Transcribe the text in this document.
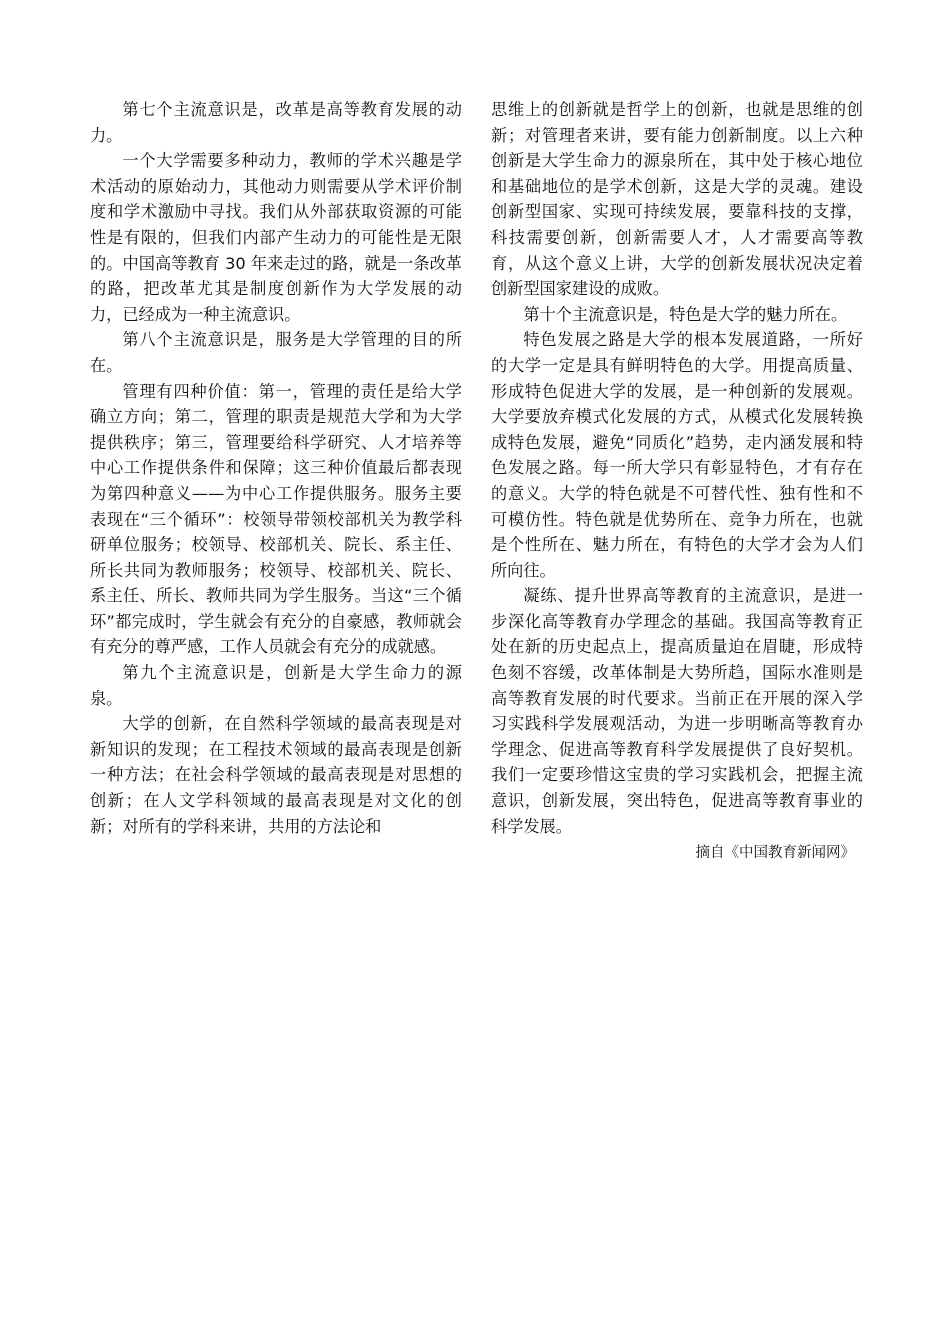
第七个主流意识是，改革是高等教育发展的动力。

一个大学需要多种动力，教师的学术兴趣是学术活动的原始动力，其他动力则需要从学术评价制度和学术激励中寻找。我们从外部获取资源的可能性是有限的，但我们内部产生动力的可能性是无限的。中国高等教育 30 年来走过的路，就是一条改革的路，把改革尤其是制度创新作为大学发展的动力，已经成为一种主流意识。

第八个主流意识是，服务是大学管理的目的所在。

管理有四种价值：第一，管理的责任是给大学确立方向；第二，管理的职责是规范大学和为大学提供秩序；第三，管理要给科学研究、人才培养等中心工作提供条件和保障；这三种价值最后都表现为第四种意义——为中心工作提供服务。服务主要表现在“三个循环”：校领导带领校部机关为教学科研单位服务；校领导、校部机关、院长、系主任、所长共同为教师服务；校领导、校部机关、院长、系主任、所长、教师共同为学生服务。当这“三个循环”都完成时，学生就会有充分的自豪感，教师就会有充分的尊严感，工作人员就会有充分的成就感。

第九个主流意识是，创新是大学生命力的源泉。

大学的创新，在自然科学领域的最高表现是对新知识的发现；在工程技术领域的最高表现是创新一种方法；在社会科学领域的最高表现是对思想的创新；在人文学科领域的最高表现是对文化的创新；对所有的学科来讲，共用的方法论和

思维上的创新就是哲学上的创新，也就是思维的创新；对管理者来讲，要有能力创新制度。以上六种创新是大学生命力的源泉所在，其中处于核心地位和基础地位的是学术创新，这是大学的灵魂。建设创新型国家、实现可持续发展，要靠科技的支撑，科技需要创新，创新需要人才，人才需要高等教育，从这个意义上讲，大学的创新发展状况决定着创新型国家建设的成败。

第十个主流意识是，特色是大学的魅力所在。

特色发展之路是大学的根本发展道路，一所好的大学一定是具有鲜明特色的大学。用提高质量、形成特色促进大学的发展，是一种创新的发展观。大学要放弃模式化发展的方式，从模式化发展转换成特色发展，避免“同质化”趋势，走内涵发展和特色发展之路。每一所大学只有彰显特色，才有存在的意义。大学的特色就是不可替代性、独有性和不可模仿性。特色就是优势所在、竞争力所在，也就是个性所在、魅力所在，有特色的大学才会为人们所向往。

凝练、提升世界高等教育的主流意识，是进一步深化高等教育办学理念的基础。我国高等教育正处在新的历史起点上，提高质量迫在眉睫，形成特色刻不容缓，改革体制是大势所趋，国际水准则是高等教育发展的时代要求。当前正在开展的深入学习实践科学发展观活动，为进一步明晰高等教育办学理念、促进高等教育科学发展提供了良好契机。我们一定要珍惜这宝贵的学习实践机会，把握主流意识，创新发展，突出特色，促进高等教育事业的科学发展。

摘自《中国教育新闻网》
